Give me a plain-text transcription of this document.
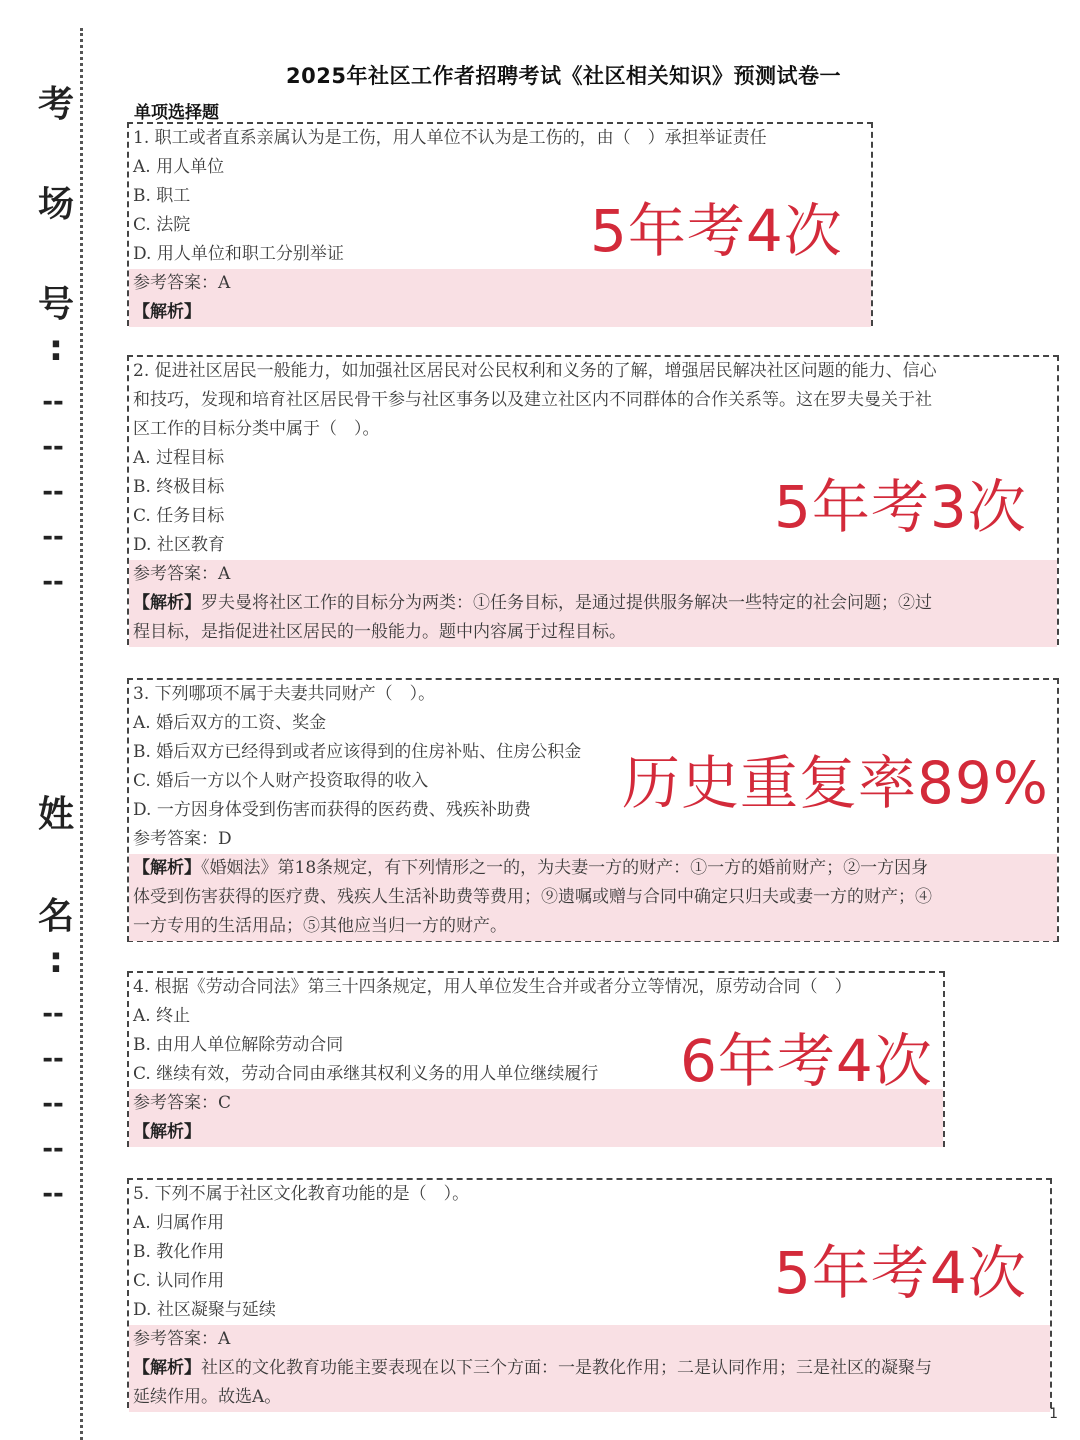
考
场
号
:
--
--
--
--
--
姓
名
:
--
--
--
--
--
2025年社区工作者招聘考试《社区相关知识》预测试卷一
单项选择题
1. 职工或者直系亲属认为是工伤，用人单位不认为是工伤的，由（　）承担举证责任
A. 用人单位
B. 职工
C. 法院
D. 用人单位和职工分别举证
参考答案：A
【解析】
5年考4次
2. 促进社区居民一般能力，如加强社区居民对公民权利和义务的了解，增强居民解决社区问题的能力、信心
和技巧，发现和培育社区居民骨干参与社区事务以及建立社区内不同群体的合作关系等。这在罗夫曼关于社
区工作的目标分类中属于（　）。
A. 过程目标
B. 终极目标
C. 任务目标
D. 社区教育
参考答案：A
【解析】罗夫曼将社区工作的目标分为两类：①任务目标，是通过提供服务解决一些特定的社会问题；②过
程目标，是指促进社区居民的一般能力。题中内容属于过程目标。
5年考3次
3. 下列哪项不属于夫妻共同财产（　）。
A. 婚后双方的工资、奖金
B. 婚后双方已经得到或者应该得到的住房补贴、住房公积金
C. 婚后一方以个人财产投资取得的收入
D. 一方因身体受到伤害而获得的医药费、残疾补助费
参考答案：D
【解析】《婚姻法》第18条规定，有下列情形之一的，为夫妻一方的财产：①一方的婚前财产；②一方因身
体受到伤害获得的医疗费、残疾人生活补助费等费用；⑨遗嘱或赠与合同中确定只归夫或妻一方的财产；④
一方专用的生活用品；⑤其他应当归一方的财产。
历史重复率89%
4. 根据《劳动合同法》第三十四条规定，用人单位发生合并或者分立等情况，原劳动合同（　）
A. 终止
B. 由用人单位解除劳动合同
C. 继续有效，劳动合同由承继其权利义务的用人单位继续履行
参考答案：C
【解析】
6年考4次
5. 下列不属于社区文化教育功能的是（　）。
A. 归属作用
B. 教化作用
C. 认同作用
D. 社区凝聚与延续
参考答案：A
【解析】社区的文化教育功能主要表现在以下三个方面：一是教化作用；二是认同作用；三是社区的凝聚与
延续作用。故选A。
5年考4次
1
